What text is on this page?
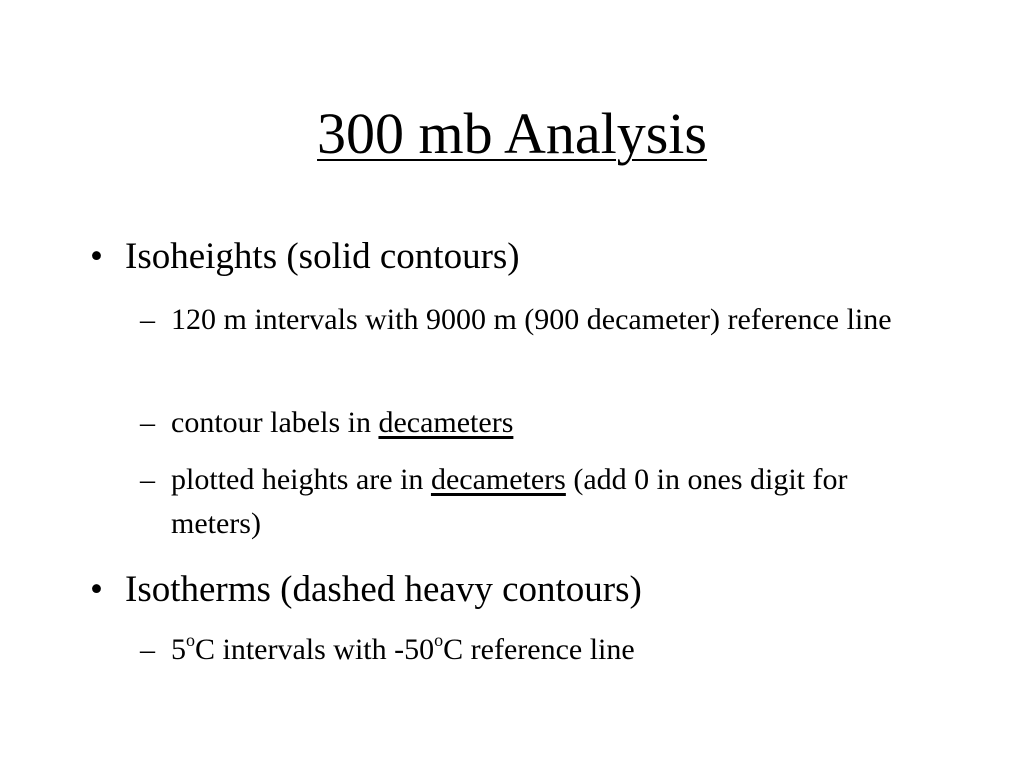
300 mb Analysis
• Isoheights (solid contours)
– 120 m intervals with 9000 m (900 decameter) reference line
– contour labels in decameters
– plotted heights are in decameters (add 0 in ones digit for meters)
• Isotherms (dashed heavy contours)
– 5$^o$C intervals with -50$^o$C reference line
